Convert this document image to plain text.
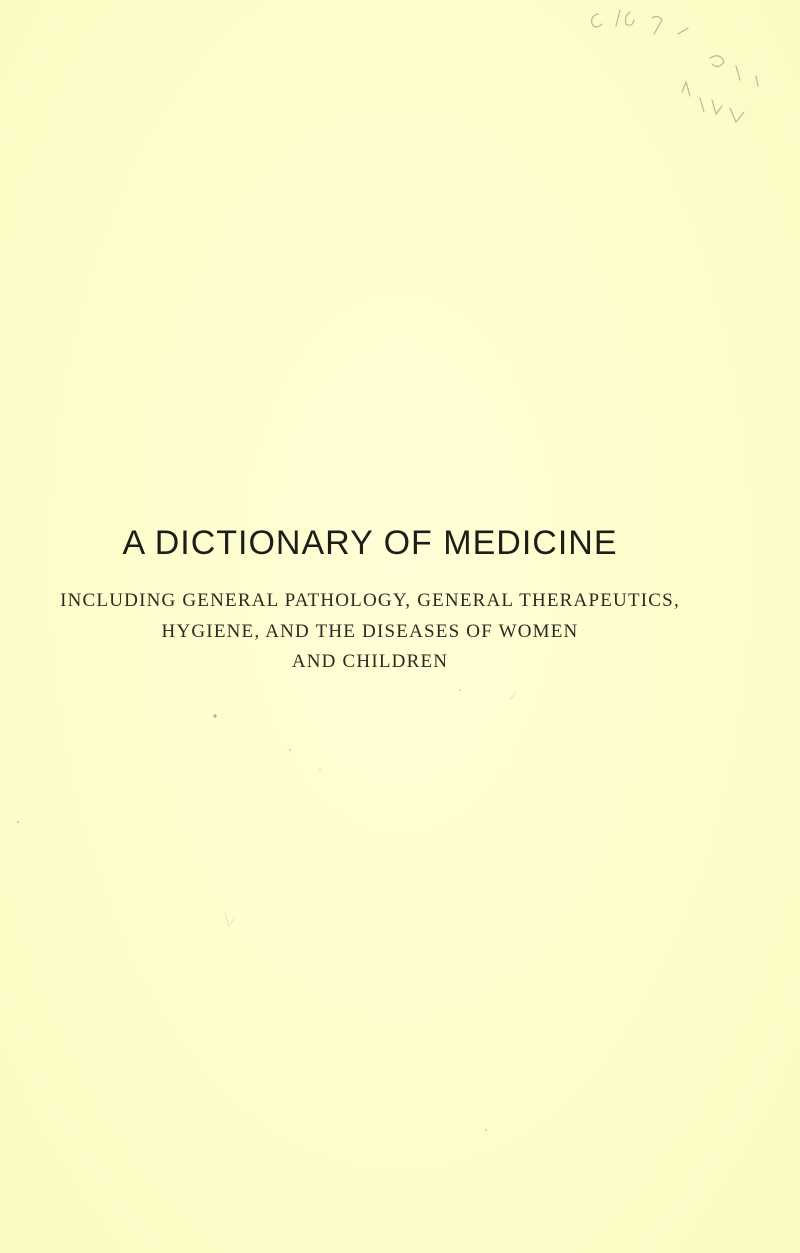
A DICTIONARY OF MEDICINE
INCLUDING GENERAL PATHOLOGY, GENERAL THERAPEUTICS,
HYGIENE, AND THE DISEASES OF WOMEN
AND CHILDREN
